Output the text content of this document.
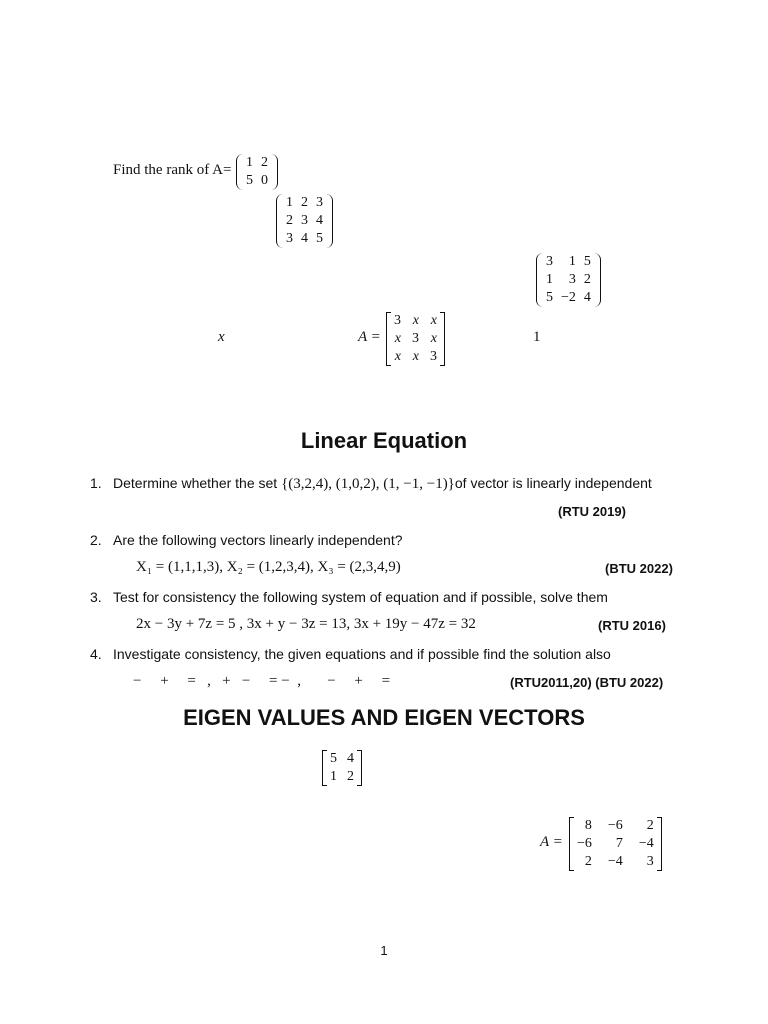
Find the rank of A= 1 2
5 0
1 2 3
2 3 4
3 4 5
3	1 5
1	3 2
5 −2 4
x	A =
3 x x
x 3 x
x x 3
1
Linear Equation
1. Determine whether the set {(3,2,4), (1,0,2), (1, −1, −1)}of vector is linearly independent
(RTU 2019)
2. Are the following vectors linearly independent?
X₁ = (1,1,1,3), X₂ = (1,2,3,4), X₃ = (2,3,4,9)	(BTU 2022)
3. Test for consistency the following system of equation and if possible, solve them
2x − 3y + 7z = 5 , 3x + y − 3z = 13, 3x + 19y − 47z = 32	(RTU 2016)
4. Investigate consistency, the given equations and if possible find the solution also
−     +     =   ,   +   −     = −  ,       −     +     =	(RTU2011,20) (BTU 2022)
EIGEN VALUES AND EIGEN VECTORS
5 4
1 2
A =
8 −6	2
−6	7 −4
2 −4	3
1
